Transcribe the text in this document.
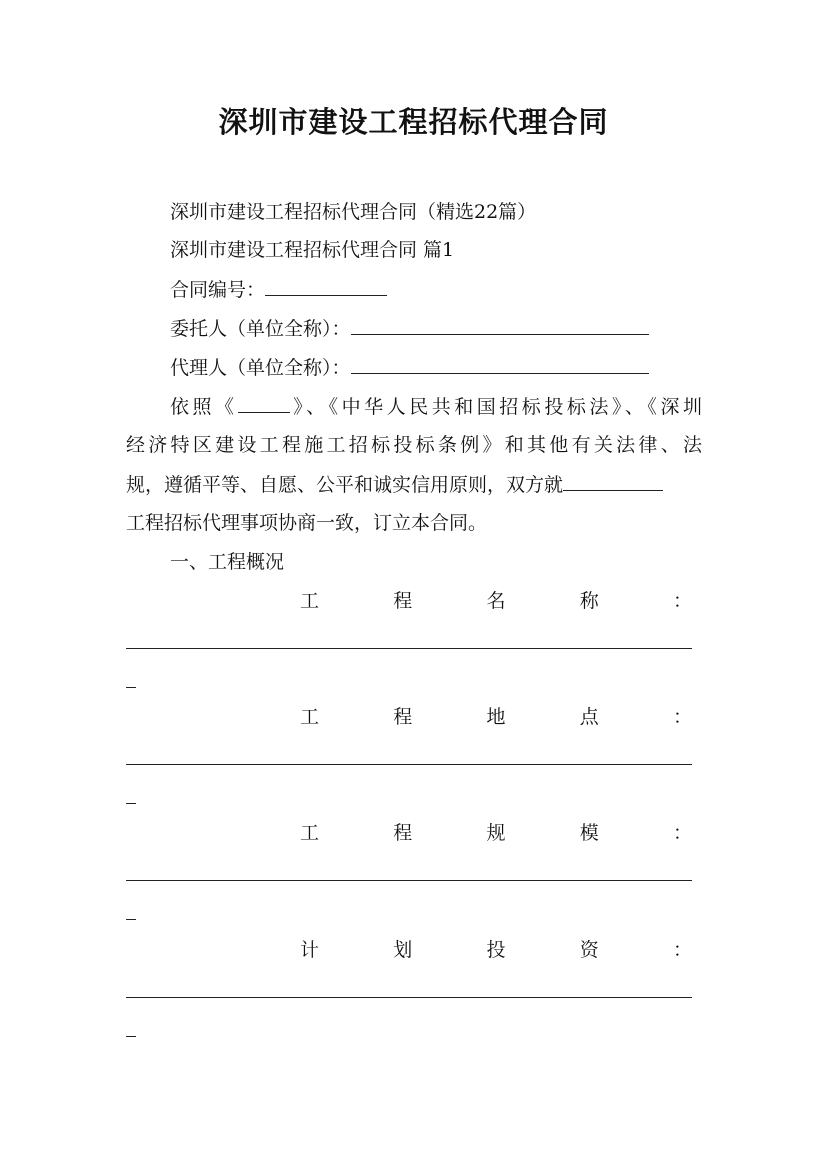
深圳市建设工程招标代理合同
深圳市建设工程招标代理合同（精选22篇）
深圳市建设工程招标代理合同 篇1
合同编号：
委托人（单位全称）：
代理人（单位全称）：
依照《	》、《中华人民共和国招标投标法》、《深圳
经济特区建设工程施工招标投标条例》和其他有关法律、法
规，遵循平等、自愿、公平和诚实信用原则，双方就
工程招标代理事项协商一致，订立本合同。
一、工程概况
工	程	名	称	：
工	程	地	点	：
工	程	规	模	：
计	划	投	资	：
